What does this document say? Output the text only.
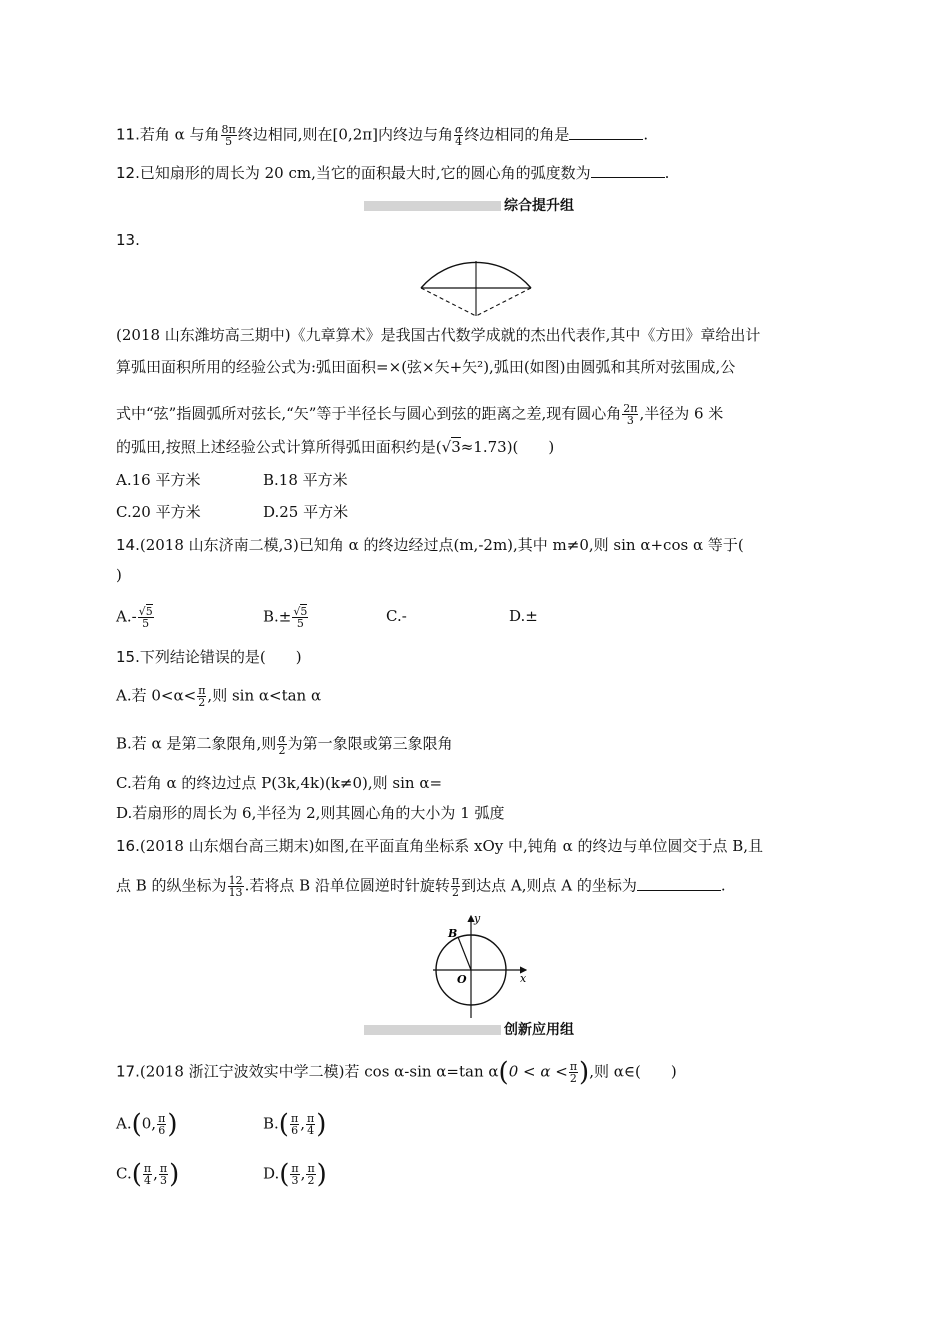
11.若角 α 与角 $\frac{8\pi}{5}$ 终边相同,则在[0,2π]内终边与角 $\frac{\alpha}{4}$ 终边相同的角是	.
12.已知扇形的周长为 20 cm,当它的面积最大时,它的圆心角的弧度数为	.
综合提升组
13.
(2018 山东潍坊高三期中)《九章算术》是我国古代数学成就的杰出代表作,其中《方田》章给出计
算弧田面积所用的经验公式为:弧田面积=×(弦×矢+矢²),弧田(如图)由圆弧和其所对弦围成,公
式中“弦”指圆弧所对弦长,“矢”等于半径长与圆心到弦的距离之差,现有圆心角 $\frac{2\pi}{3}$ ,半径为 6 米
的弧田,按照上述经验公式计算所得弧田面积约是(√3≈1.73)(　　)
A.16 平方米	B.18 平方米
C.20 平方米	D.25 平方米
14.(2018 山东济南二模,3)已知角 α 的终边经过点(m,-2m),其中 m≠0,则 sin α+cos α 等于(
)
$A.- \frac{√5}{5}$	$B.\pm \frac{√5}{5}$	C.-	D.±
15.下列结论错误的是(　　)
A.若 $0<\alpha< \frac{\pi}{2}$ ,则 sin α<tan α
B.若 α 是第二象限角,则 $\frac{\alpha}{2}$ 为第一象限或第三象限角
C.若角 α 的终边过点 P(3k,4k)(k≠0),则 sin α=
D.若扇形的周长为 6,半径为 2,则其圆心角的大小为 1 弧度
16.(2018 山东烟台高三期末)如图,在平面直角坐标系 xOy 中,钝角 α 的终边与单位圆交于点 B,且
点 B 的纵坐标为 $\frac{12}{13}$ .若将点 B 沿单位圆逆时针旋转 $\frac{\pi}{2}$ 到达点 A,则点 A 的坐标为	.
y
x
O
B
创新应用组
17.(2018 浙江宁波效实中学二模)若 cos α-sin α=tan $\alpha(0 < \alpha < \frac{\pi}{2}$ ),则 α∈(　　)
A.(0, $\frac{\pi}{6}$ )	$B.( \frac{\pi}{6}$ , $\frac{\pi}{4}$ )
$C.( \frac{\pi}{4}$ , $\frac{\pi}{3}$ )	$D.( \frac{\pi}{3}$ , $\frac{\pi}{2}$ )
